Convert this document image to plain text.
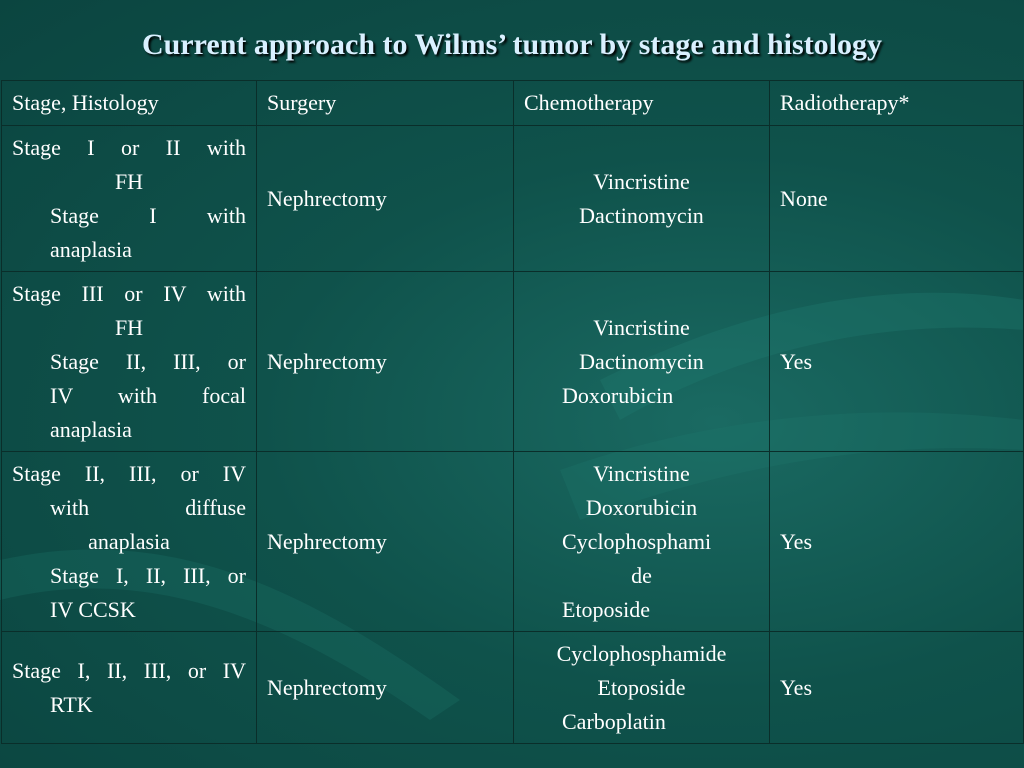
Current approach to Wilms’ tumor by stage and histology
Stage, Histology	Surgery	Chemotherapy	Radiotherapy*

Stage I or II with
FH
Stage I with
anaplasia	Nephrectomy	Vincristine
Dactinomycin	None

Stage III or IV with
FH
Stage II, III, or
IV with focal
anaplasia	Nephrectomy	Vincristine
Dactinomycin
Doxorubicin	Yes

Stage II, III, or IV
with diffuse
anaplasia
Stage I, II, III, or
IV CCSK	Nephrectomy	Vincristine
Doxorubicin
Cyclophosphami
de
Etoposide	Yes

Stage I, II, III, or IV
RTK	Nephrectomy	Cyclophosphamide
Etoposide
Carboplatin	Yes
